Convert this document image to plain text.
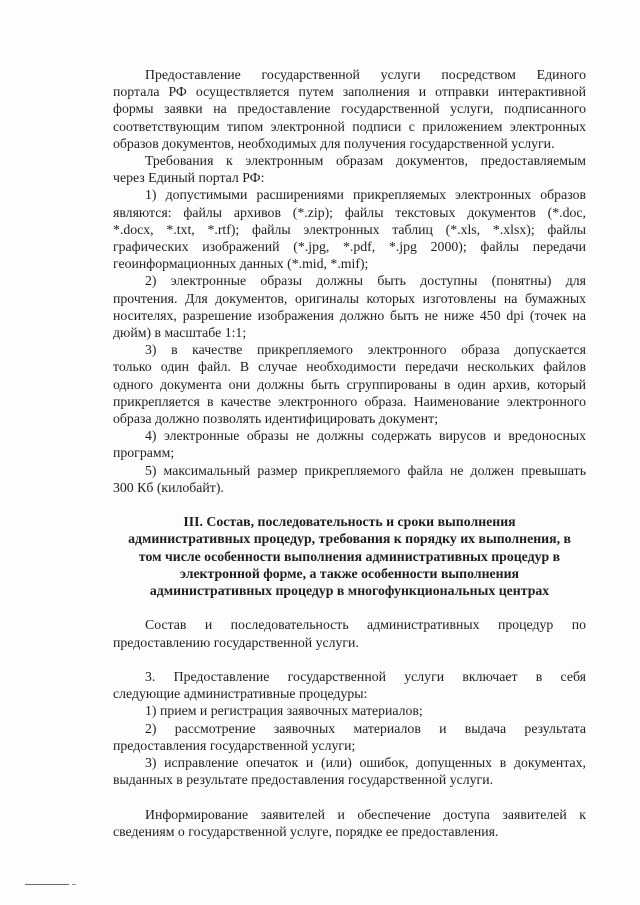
Предоставление государственной услуги посредством Единого
портала РФ осуществляется путем заполнения и отправки интерактивной
формы заявки на предоставление государственной услуги, подписанного
соответствующим типом электронной подписи с приложением электронных
образов документов, необходимых для получения государственной услуги.
Требования к электронным образам документов, предоставляемым
через Единый портал РФ:
1) допустимыми расширениями прикрепляемых электронных образов
являются: файлы архивов (*.zip); файлы текстовых документов (*.doc,
*.docx, *.txt, *.rtf); файлы электронных таблиц (*.xls, *.xlsx); файлы
графических изображений (*.jpg, *.pdf, *.jpg 2000); файлы передачи
геоинформационных данных (*.mid, *.mif);
2) электронные образы должны быть доступны (понятны) для
прочтения. Для документов, оригиналы которых изготовлены на бумажных
носителях, разрешение изображения должно быть не ниже 450 dpi (точек на
дюйм) в масштабе 1:1;
3) в качестве прикрепляемого электронного образа допускается
только один файл. В случае необходимости передачи нескольких файлов
одного документа они должны быть сгруппированы в один архив, который
прикрепляется в качестве электронного образа. Наименование электронного
образа должно позволять идентифицировать документ;
4) электронные образы не должны содержать вирусов и вредоносных
программ;
5) максимальный размер прикрепляемого файла не должен превышать
300 Кб (килобайт).
III. Состав, последовательность и сроки выполнения
административных процедур, требования к порядку их выполнения, в
том числе особенности выполнения административных процедур в
электронной форме, а также особенности выполнения
административных процедур в многофункциональных центрах
Состав и последовательность административных процедур по
предоставлению государственной услуги.
3. Предоставление государственной услуги включает в себя
следующие административные процедуры:
1) прием и регистрация заявочных материалов;
2) рассмотрение заявочных материалов и выдача результата
предоставления государственной услуги;
3) исправление опечаток и (или) ошибок, допущенных в документах,
выданных в результате предоставления государственной услуги.
Информирование заявителей и обеспечение доступа заявителей к
сведениям о государственной услуге, порядке ее предоставления.
